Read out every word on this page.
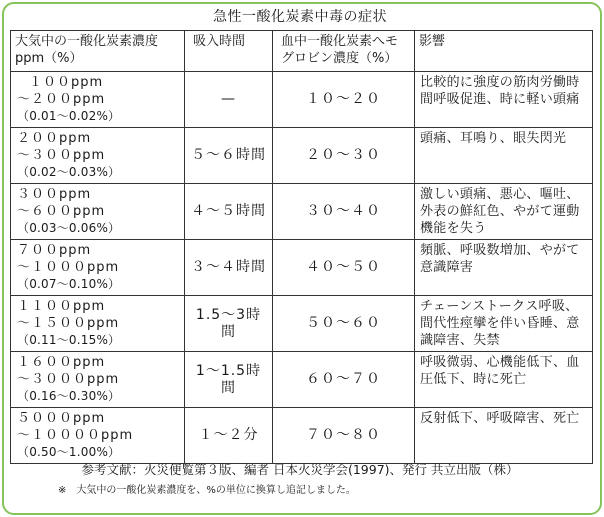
急性一酸化炭素中毒の症状
大気中の一酸化炭素濃度ppm（%）	吸入時間	血中一酸化炭素へモグロビン濃度（%）	影響

１００ppm
～２００ppm
（0.01～0.02%）	—	１０～２０	比較的に強度の筋肉労働時間呼吸促進、時に軽い頭痛

２００ppm
～３００ppm
（0.02～0.03%）	５～６時間	２０～３０	頭痛、耳鳴り、眼失閃光

３００ppm
～６００ppm
（0.03～0.06%）	４～５時間	３０～４０	激しい頭痛、悪心、嘔吐、外表の鮮紅色、やがて運動機能を失う

７００ppm
～１０００ppm
（0.07～0.10%）	３～４時間	４０～５０	頻脈、呼吸数増加、やがて意識障害

１１００ppm
～１５００ppm
（0.11～0.15%）	1.5～3時間	５０～６０	チェーンストークス呼吸、間代性痙攣を伴い昏睡、意識障害、失禁

１６００ppm
～３０００ppm
（0.16～0.30%）	1～1.5時間	６０～７０	呼吸微弱、心機能低下、血圧低下、時に死亡

５０００ppm
～１００００ppm
（0.50～1.00%）	１～２分	７０～８０	反射低下、呼吸障害、死亡
参考文献：火災便覧第３版、編者 日本火災学会(1997)、発行 共立出版（株）
※　大気中の一酸化炭素濃度を、%の単位に換算し追記しました。
